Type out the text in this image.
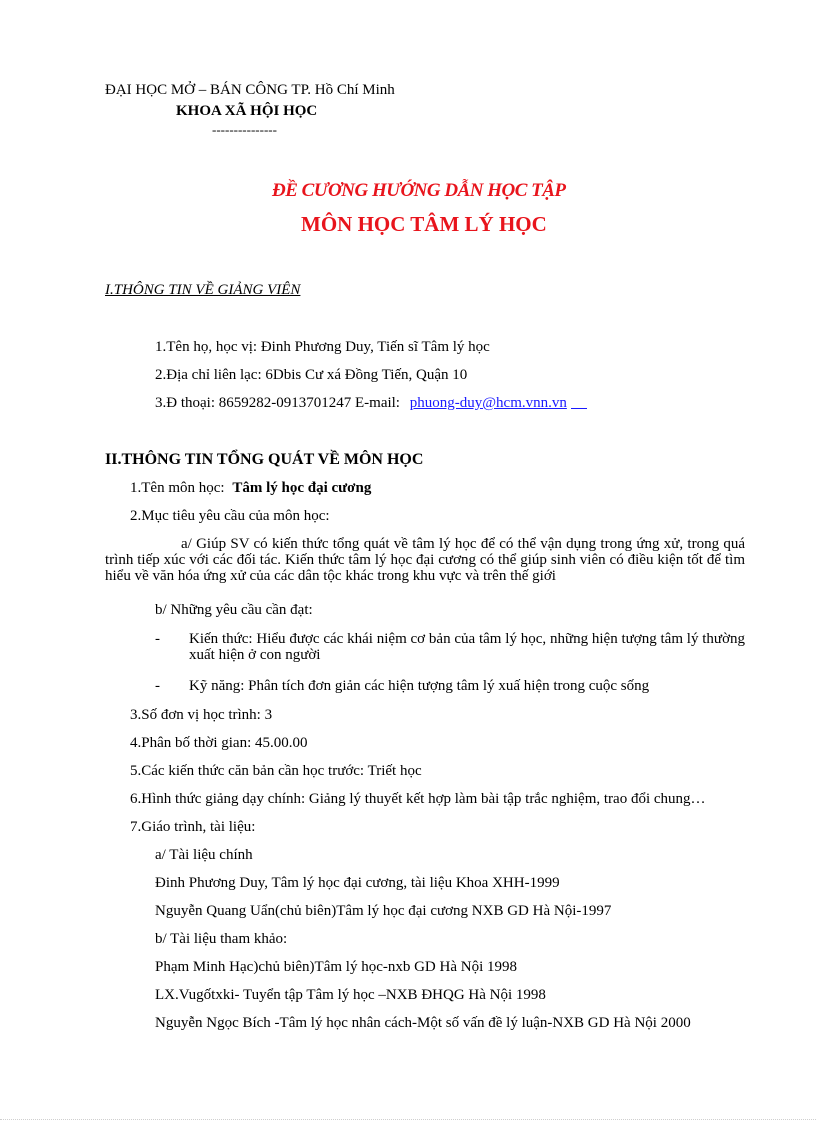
ĐẠI HỌC MỞ – BÁN CÔNG TP. Hồ Chí Minh
KHOA XÃ HỘI HỌC
---------------
ĐỀ CƯƠNG HƯỚNG DẪN HỌC TẬP
MÔN HỌC TÂM LÝ HỌC
I.THÔNG TIN VỀ GIẢNG VIÊN
1.Tên họ, học vị: Đinh Phương Duy, Tiến sĩ Tâm lý học
2.Địa chỉ liên lạc: 6Dbis Cư xá Đồng Tiến, Quận 10
3.Đ thoại: 8659282-0913701247 E-mail: phuong-duy@hcm.vnn.vn
II.THÔNG TIN TỔNG QUÁT VỀ MÔN HỌC
1.Tên môn học: Tâm lý học đại cương
2.Mục tiêu yêu cầu của môn học:
a/ Giúp SV có kiến thức tổng quát về tâm lý học để có thể vận dụng trong ứng xử, trong quá trình tiếp xúc với các đối tác. Kiến thức tâm lý học đại cương có thể giúp sinh viên có điều kiện tốt để tìm hiểu về văn hóa ứng xử của các dân tộc khác trong khu vực và trên thế giới
b/ Những yêu cầu cần đạt:
- Kiến thức: Hiểu được các khái niệm cơ bản của tâm lý học, những hiện tượng tâm lý thường xuất hiện ở con người
- Kỹ năng: Phân tích đơn giản các hiện tượng tâm lý xuấ hiện trong cuộc sống
3.Số đơn vị học trình: 3
4.Phân bố thời gian: 45.00.00
5.Các kiến thức căn bản cần học trước: Triết học
6.Hình thức giảng dạy chính: Giảng lý thuyết kết hợp làm bài tập trắc nghiệm, trao đổi chung…
7.Giáo trình, tài liệu:
a/ Tài liệu chính
Đinh Phương Duy, Tâm lý học đại cương, tài liệu Khoa XHH-1999
Nguyễn Quang Uẩn(chủ biên)Tâm lý học đại cương NXB GD Hà Nội-1997
b/ Tài liệu tham khảo:
Phạm Minh Hạc)chủ biên)Tâm lý học-nxb GD Hà Nội 1998
LX.Vugốtxki- Tuyển tập Tâm lý học –NXB ĐHQG Hà Nội 1998
Nguyễn Ngọc Bích -Tâm lý học nhân cách-Một số vấn đề lý luận-NXB GD Hà Nội 2000
